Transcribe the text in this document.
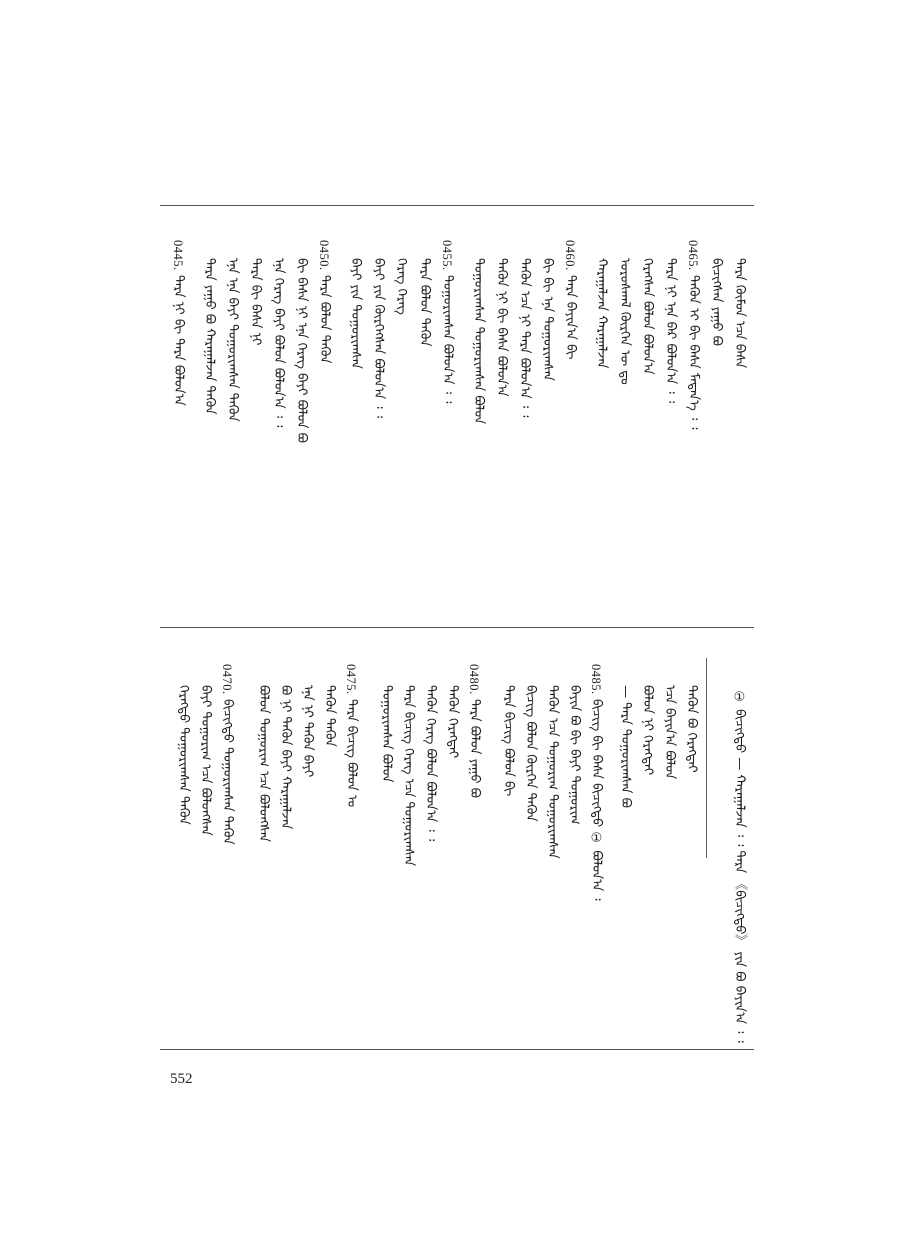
ᠲᠡᠷᠡ ᠬᠦᠮᠦᠨ ᠡᠴᠡ ᠪᠠᠰᠠ
ᠪᠢᠴᠢᠭᠰᠡᠨ ᠶᠠᠭᠤ ᠪᠣ
0465.
ᠲᠡᠭᠦᠨ ᠢ ᠪᠢ ᠪᠠᠰᠠ ᠮᠡᠳᠡᠨ᠎ᠡ ᠄ ᠄
ᠲᠡᠷᠡ ᠨᠢ ᠡᠨᠡ ᠪᠡᠷ ᠪᠣᠯᠤᠨ᠎ᠠ ᠄ ᠄
ᠬᠡᠷᠡᠭᠰᠡᠨ ᠪᠣᠯᠤᠨ ᠪᠣᠯᠤᠨ᠎ᠠ
ᠤᠷᠤᠰᠬᠠᠯ ᠬᠦᠷᠭᠡᠨ ᠦ ᠳᠤ
ᠬᠠᠷᠠᠭᠠᠯᠵᠠᠨ ᠬᠠᠷᠠᠭᠠᠯᠵᠠᠨ
0460.
ᠲᠡᠷᠡ ᠪᠠᠶᠢᠨ᠎ᠠ ᠪᠢ
ᠪᠢ ᠪᠢ ᠡᠨᠡ ᠲᠣᠭᠣᠷᠢᠭᠰᠠᠨ
ᠲᠡᠭᠦᠨ ᠡᠴᠡ ᠨᠢ ᠲᠡᠷᠡ ᠪᠣᠯᠤᠨ᠎ᠠ ᠄ ᠄
ᠲᠡᠭᠦᠨ ᠨᠢ ᠪᠢ ᠪᠠᠰᠠ ᠪᠣᠯᠤᠨ᠎ᠠ
ᠲᠣᠭᠣᠷᠢᠭᠰᠠᠨ ᠲᠣᠭᠣᠷᠢᠭᠰᠠᠨ ᠪᠣᠯᠤᠨ
0455.
ᠲᠣᠭᠣᠷᠢᠭᠰᠠᠨ ᠪᠣᠯᠤᠨ᠎ᠠ ᠄ ᠄
ᠲᠡᠷᠡ ᠪᠣᠯᠤᠨ ᠲᠡᠭᠦᠨ
ᠬᠡᠷᠡᠭ ᠬᠡᠷᠡᠭ
ᠪᠠᠶᠢ ᠶᠢᠨ ᠬᠦᠷᠭᠡᠭᠰᠡᠨ ᠪᠣᠯᠤᠨ᠎ᠠ ᠄ ᠄
ᠪᠠᠶᠢ ᠶᠢᠨ ᠲᠣᠭᠣᠷᠢᠭᠰᠠᠨ
0450.
ᠲᠡᠷᠡ ᠪᠣᠯᠤᠨ ᠲᠡᠭᠦᠨ
ᠪᠢ ᠪᠠᠰᠠ ᠨᠢ ᠡᠨᠡ ᠬᠡᠷᠡᠭ ᠪᠠᠶᠢ ᠪᠣᠯᠤᠨ ᠪᠣ
ᠡᠨᠡ ᠬᠡᠷᠡᠭ ᠪᠠᠶᠢ ᠪᠣᠯᠤᠨ ᠪᠣᠯᠤᠨ᠎ᠠ ᠄ ᠄
ᠲᠡᠷᠡ ᠪᠢ ᠪᠠᠰᠠ ᠨᠢ
ᠡᠨᠡ ᠡᠨᠡ ᠪᠠᠶᠢ ᠲᠣᠭᠣᠷᠢᠭᠰᠠᠨ ᠲᠡᠭᠦᠨ
ᠲᠡᠷᠡ ᠶᠠᠭᠤ ᠪᠣ ᠬᠠᠷᠠᠭᠠᠯᠵᠠᠨ ᠲᠡᠭᠦᠨ
0445.
ᠲᠡᠷᠡ ᠨᠢ ᠪᠢ ᠲᠡᠷᠡ ᠪᠣᠯᠤᠨ᠎ᠠ
① ᠪᠢᠴᠢᠭᠲᠦ — ᠬᠠᠷᠠᠭᠠᠯᠵᠠᠨ ᠄ ᠄ ᠲᠡᠷᠡ 《ᠪᠢᠴᠢᠭᠲᠦ》 ᠶᠢᠨ ᠪᠣ ᠪᠠᠶᠢᠨ᠎ᠠ ᠄ ᠄
ᠲᠡᠭᠦᠨ ᠪᠣ ᠬᠡᠷᠡᠭᠲᠡᠢ
ᠡᠴᠡ ᠪᠠᠶᠢᠨ᠎ᠠ ᠪᠣᠯᠤᠨ
ᠪᠣᠯᠤᠨ ᠨᠢ ᠬᠡᠷᠡᠭᠲᠡᠢ
— ᠲᠡᠷᠡ ᠲᠣᠭᠣᠷᠢᠭᠰᠠᠨ ᠪᠣ
0485.
ᠪᠢᠴᠢᠭ ᠪᠢ ᠪᠠᠰᠠ ᠪᠢᠴᠢᠭᠲᠦ ① ᠪᠣᠯᠤᠨ᠎ᠠ ᠄
ᠪᠠᠶᠢᠨ ᠪᠣ ᠪᠢ ᠪᠠᠶᠢ ᠲᠣᠭᠣᠷᠢᠭ
ᠲᠡᠭᠦᠨ ᠡᠴᠡ ᠲᠣᠭᠣᠷᠢᠭ ᠲᠣᠭᠣᠷᠢᠭᠰᠠᠨ
ᠪᠢᠴᠢᠭ ᠪᠣᠯᠤᠨ ᠬᠦᠷᠭᠡᠨ ᠲᠡᠭᠦᠨ
ᠲᠡᠷᠡ ᠪᠢᠴᠢᠭ ᠪᠣᠯᠤᠨ ᠪᠢ
0480.
ᠲᠡᠷᠡ ᠪᠣᠯᠤᠨ ᠶᠠᠭᠤ ᠪᠣ
ᠲᠡᠭᠦᠨ ᠬᠡᠷᠡᠭᠲᠡᠢ
ᠲᠡᠭᠦᠨ ᠬᠡᠷᠡᠭ ᠪᠣᠯᠤᠨ ᠪᠣᠯᠤᠨ᠎ᠠ ᠄ ᠄
ᠲᠡᠷᠡ ᠪᠢᠴᠢᠭ ᠬᠡᠷᠡᠭ ᠡᠴᠡ ᠲᠣᠭᠣᠷᠢᠭᠰᠠᠨ
ᠲᠣᠭᠣᠷᠢᠭᠰᠠᠨ ᠪᠣᠯᠤᠨ
0475.
ᠲᠡᠷᠡ ᠪᠢᠴᠢᠭ ᠪᠣᠯᠤᠨ ᠤ
ᠲᠡᠭᠦᠨ ᠲᠡᠭᠦᠨ
ᠡᠨᠡ ᠨᠢ ᠲᠡᠭᠦᠨ ᠪᠠᠶᠢ
ᠪᠣ ᠨᠢ ᠲᠡᠭᠦᠨ ᠪᠠᠶᠢ ᠬᠠᠷᠠᠭᠠᠯᠵᠠᠨ
ᠪᠣᠯᠤᠨ ᠲᠣᠭᠣᠷᠢᠭ ᠡᠴᠡ ᠪᠣᠯᠤᠨᠭᠰᠠᠨ
0470.
ᠪᠢᠴᠢᠭᠲᠦ ᠲᠣᠭᠣᠷᠢᠭᠰᠠᠨ ᠲᠡᠭᠦᠨ
ᠪᠠᠶᠢ ᠲᠣᠭᠣᠷᠢᠭ ᠡᠴᠡ ᠪᠣᠯᠤᠨᠭᠰᠠᠨ
ᠬᠡᠷᠡᠭᠲᠦ ᠲᠣᠭᠣᠷᠢᠭᠰᠠᠨ ᠲᠡᠭᠦᠨ
552
